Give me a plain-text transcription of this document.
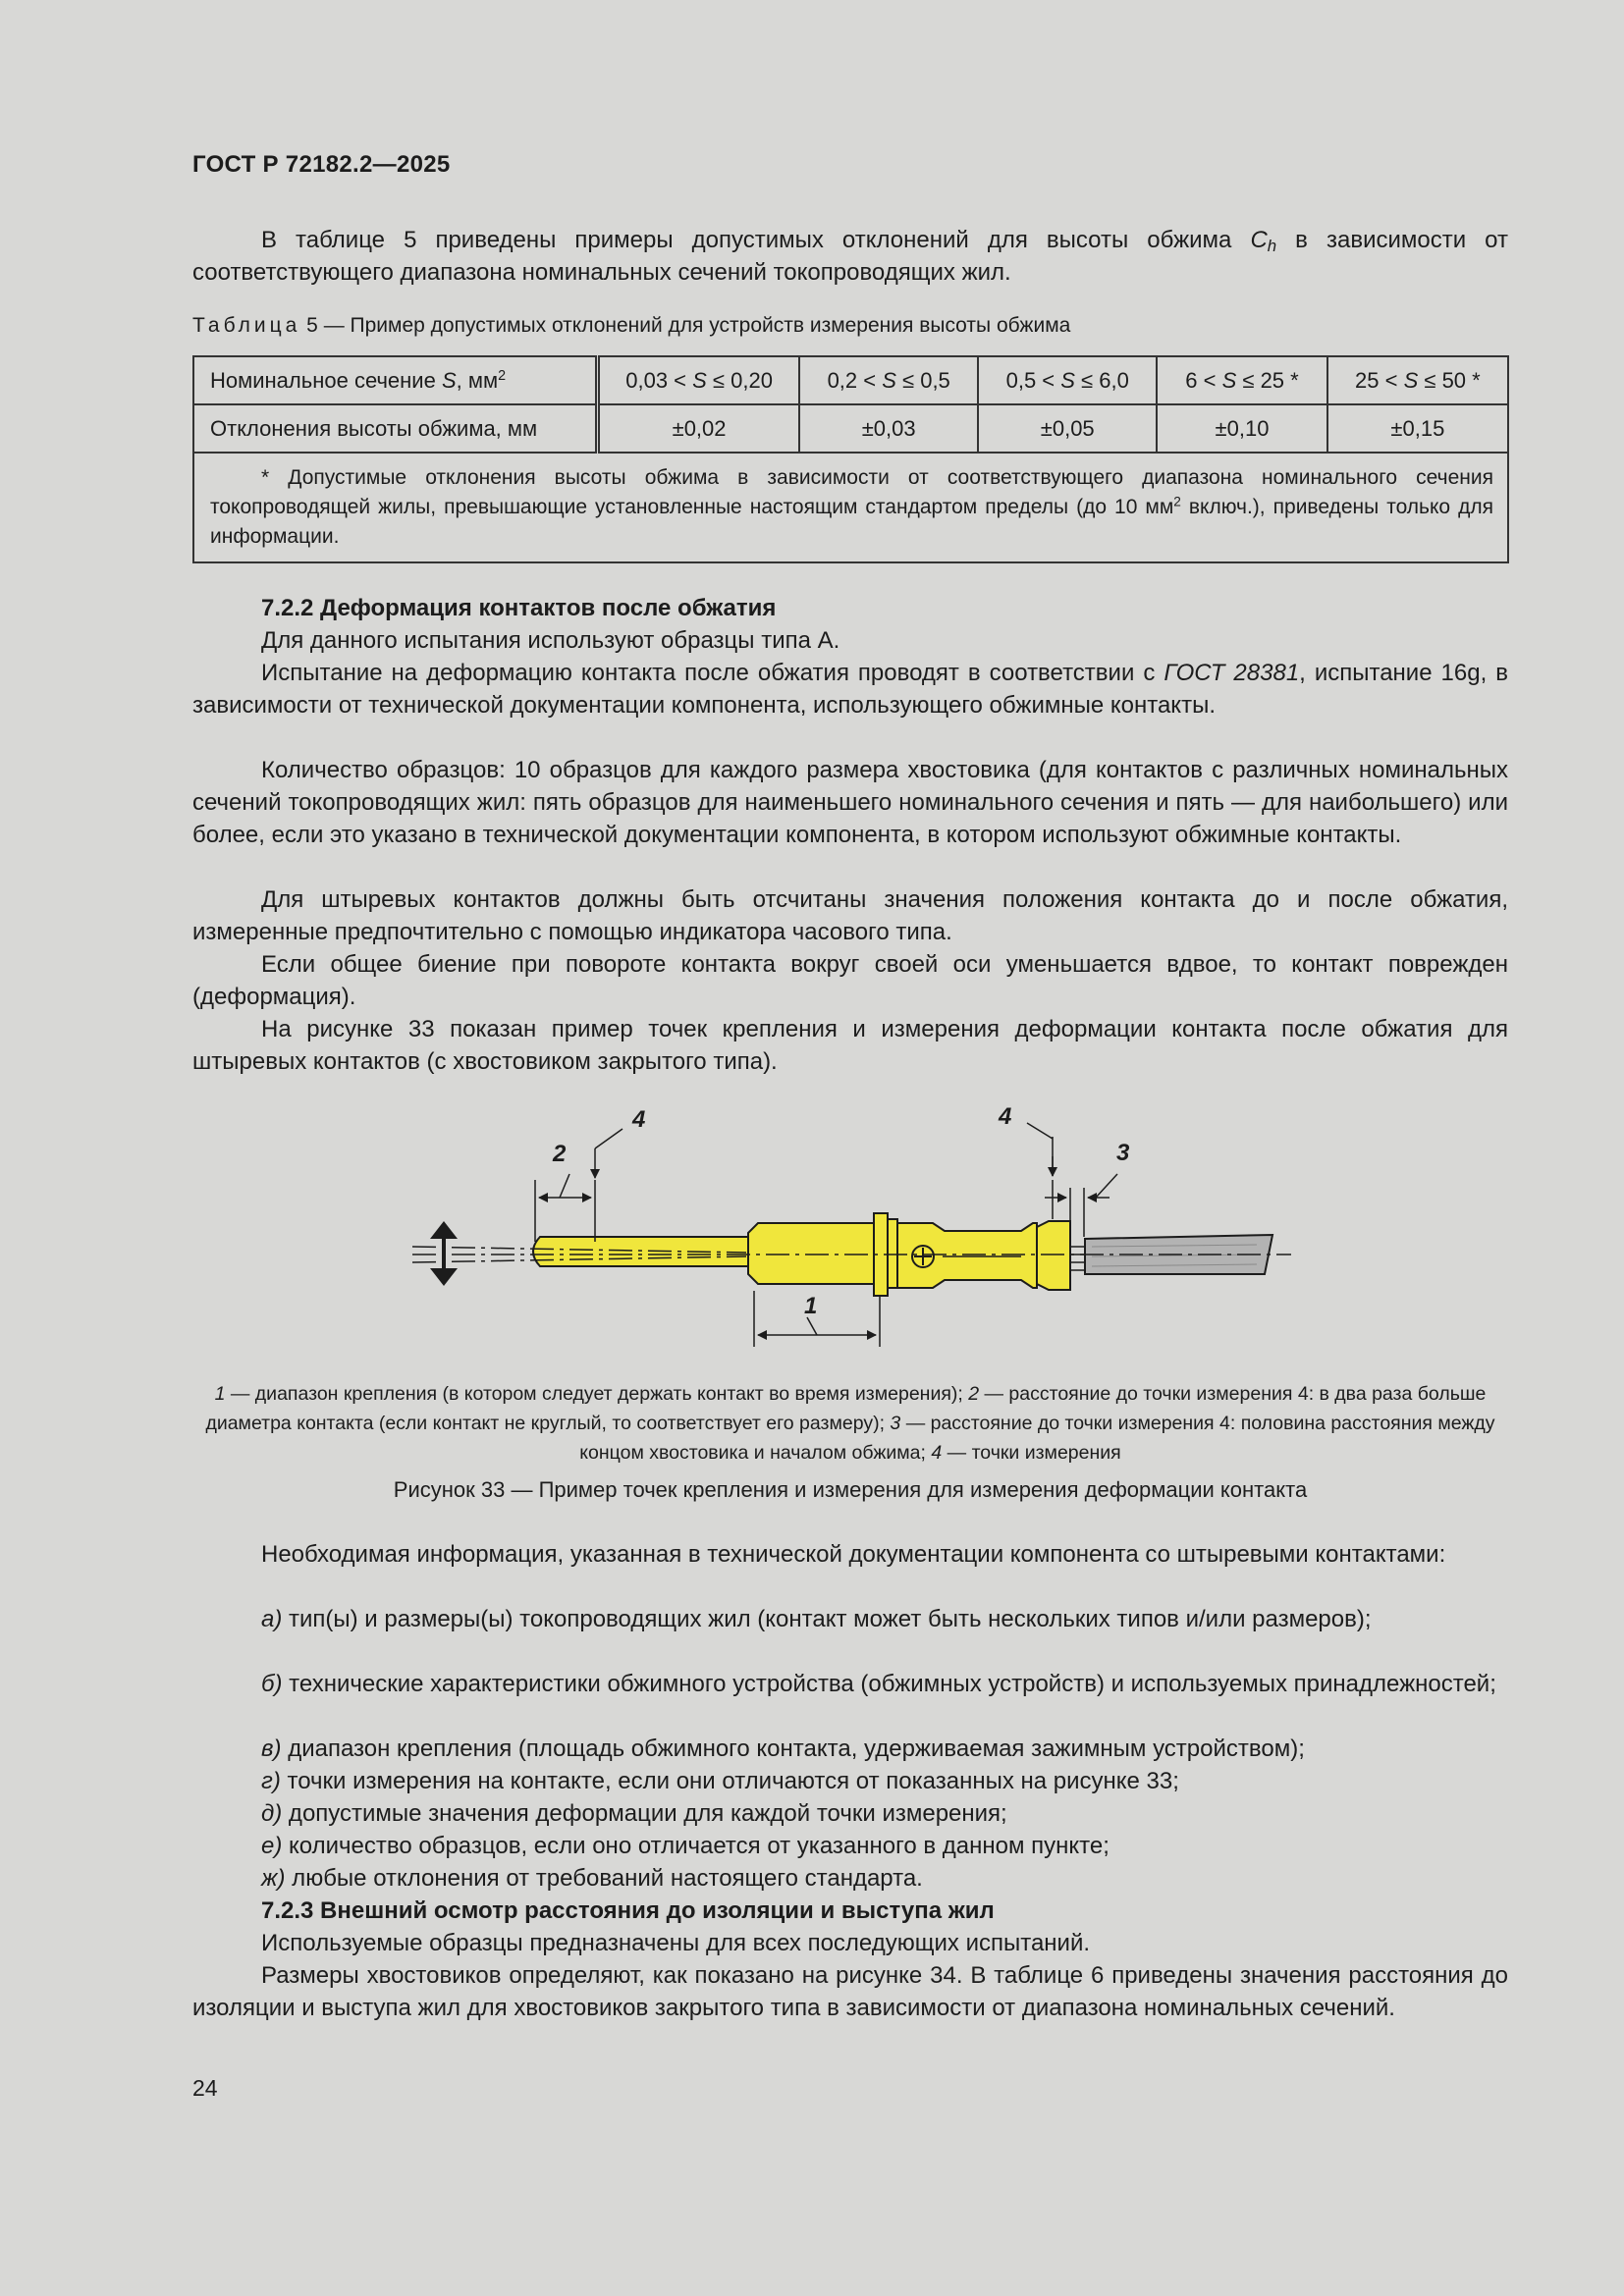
ГОСТ Р 72182.2—2025
В таблице 5 приведены примеры допустимых отклонений для высоты обжима $C_h$ в зависимости от соответствующего диапазона номинальных сечений токопроводящих жил.
Таблица 5 — Пример допустимых отклонений для устройств измерения высоты обжима
Номинальное сечение S, $мм^2$	0,03 < S ≤ 0,20	0,2 < S ≤ 0,5	0,5 < S ≤ 6,0	6 < S ≤ 25 *	25 < S ≤ 50 *
Отклонения высоты обжима, мм	±0,02	±0,03	±0,05	±0,10	±0,15
* Допустимые отклонения высоты обжима в зависимости от соответствующего диапазона номинального сечения токопроводящей жилы, превышающие установленные настоящим стандартом пределы (до 10 $мм^2$ включ.), приведены только для информации.					
7.2.2 Деформация контактов после обжатия
Для данного испытания используют образцы типа А.
Испытание на деформацию контакта после обжатия проводят в соответствии с ГОСТ 28381, испытание 16g, в зависимости от технической документации компонента, использующего обжимные контакты.
Количество образцов: 10 образцов для каждого размера хвостовика (для контактов с различных номинальных сечений токопроводящих жил: пять образцов для наименьшего номинального сечения и пять — для наибольшего) или более, если это указано в технической документации компонента, в котором используют обжимные контакты.
Для штыревых контактов должны быть отсчитаны значения положения контакта до и после обжатия, измеренные предпочтительно с помощью индикатора часового типа.
Если общее биение при повороте контакта вокруг своей оси уменьшается вдвое, то контакт поврежден (деформация).
На рисунке 33 показан пример точек крепления и измерения деформации контакта после обжатия для штыревых контактов (с хвостовиком закрытого типа).
2
4
1
4
3
1 — диапазон крепления (в котором следует держать контакт во время измерения); 2 — расстояние до точки измерения 4: в два раза больше диаметра контакта (если контакт не круглый, то соответствует его размеру); 3 — расстояние до точки измерения 4: половина расстояния между концом хвостовика и началом обжима; 4 — точки измерения
Рисунок 33 — Пример точек крепления и измерения для измерения деформации контакта
Необходимая информация, указанная в технической документации компонента со штыревыми контактами:
а) тип(ы) и размеры(ы) токопроводящих жил (контакт может быть нескольких типов и/или размеров);
б) технические характеристики обжимного устройства (обжимных устройств) и используемых принадлежностей;
в) диапазон крепления (площадь обжимного контакта, удерживаемая зажимным устройством);
г) точки измерения на контакте, если они отличаются от показанных на рисунке 33;
д) допустимые значения деформации для каждой точки измерения;
е) количество образцов, если оно отличается от указанного в данном пункте;
ж) любые отклонения от требований настоящего стандарта.
7.2.3 Внешний осмотр расстояния до изоляции и выступа жил
Используемые образцы предназначены для всех последующих испытаний.
Размеры хвостовиков определяют, как показано на рисунке 34. В таблице 6 приведены значения расстояния до изоляции и выступа жил для хвостовиков закрытого типа в зависимости от диапазона номинальных сечений.
24
